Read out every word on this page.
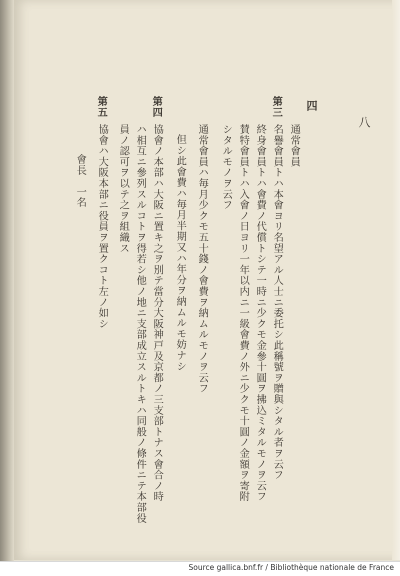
四
通常會員
第三
名譽會員トハ本會ヨリ名望アル人士ニ委托シ此稱號ヲ贈與シタル者ヲ云フ
終身會員トハ會費ノ代償トシテ一時ニ少クモ金參十圓ヲ拂込ミタルモノヲ云フ
賛特會員トハ入會ノ日ヨリ一年以内ニ一級會費ノ外ニ少クモ十圓ノ金額ヲ寄附
シタルモノヲ云フ
通常會員ハ毎月少クモ五十錢ノ會費ヲ納ムルモノヲ云フ
但シ此會費ハ毎月半期又ハ年分ヲ納ムルモ妨ナシ
第四
協會ノ本部ハ大阪ニ置キ之ヲ別テ當分大阪神戸及京都ノ三支部トナス會合ノ時
ハ相互ニ參列スルコトヲ得若シ他ノ地ニ支部成立スルトキハ同般ノ條件ニテ本部役
員ノ認可ヲ以テ之ヲ組織ス
第五
協會ハ大阪本部ニ役員ヲ置クコト左ノ如シ
會長　一名
八
Source gallica.bnf.fr / Bibliothèque nationale de France
